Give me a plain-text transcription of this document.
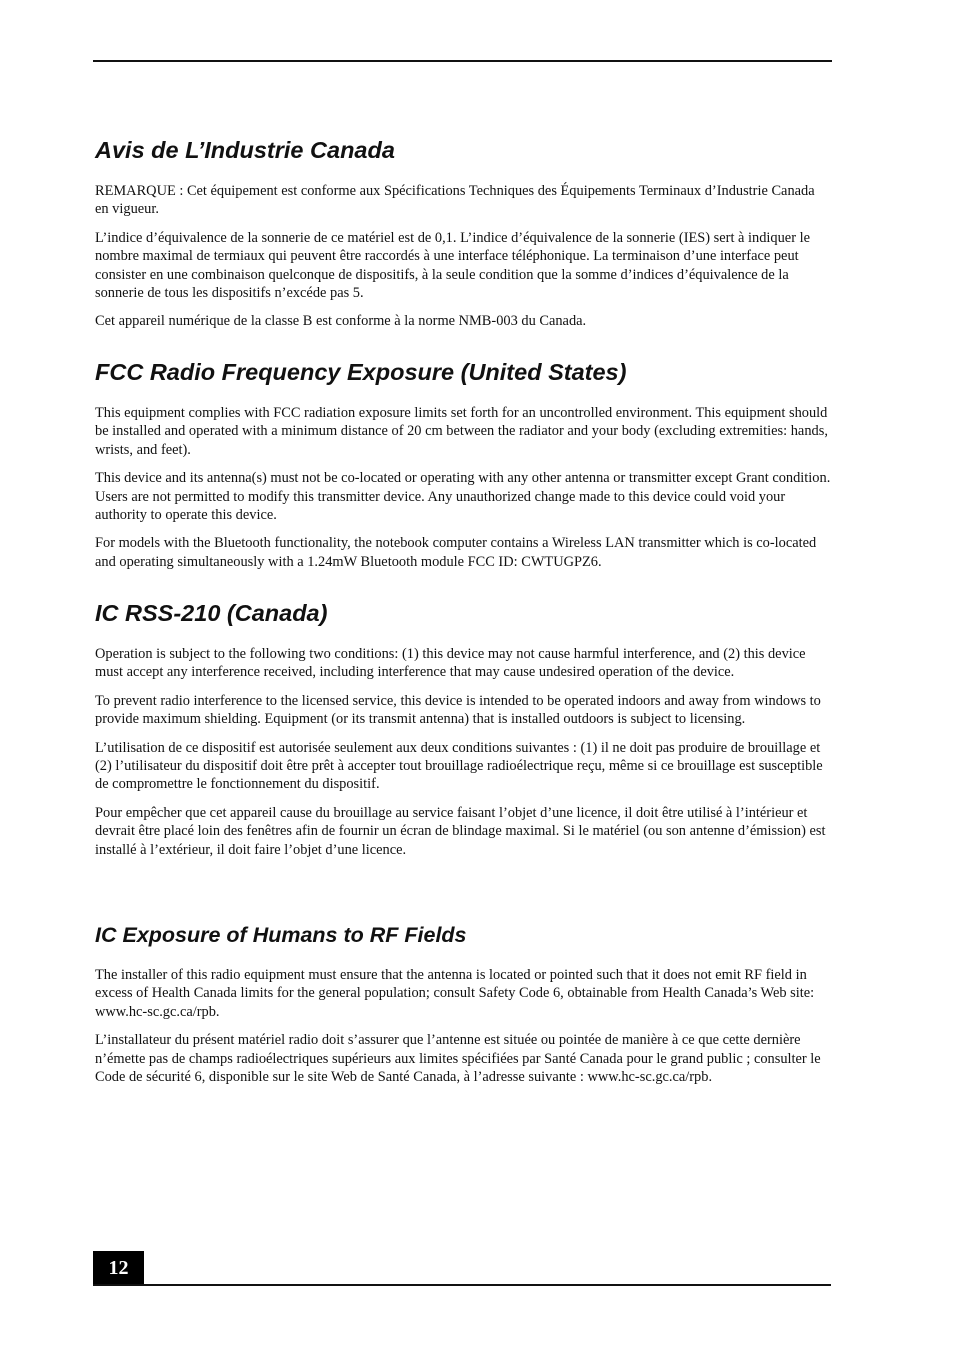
Avis de L’Industrie Canada

REMARQUE : Cet équipement est conforme aux Spécifications Techniques des Équipements Terminaux d’Industrie Canada en vigueur.

L’indice d’équivalence de la sonnerie de ce matériel est de 0,1. L’indice d’équivalence de la sonnerie (IES) sert à indiquer le nombre maximal de termiaux qui peuvent être raccordés à une interface téléphonique. La terminaison d’une interface peut consister en une combinaison quelconque de dispositifs, à la seule condition que la somme d’indices d’équivalence de la sonnerie de tous les dispositifs n’excéde pas 5.

Cet appareil numérique de la classe B est conforme à la norme NMB-003 du Canada.

FCC Radio Frequency Exposure (United States)

This equipment complies with FCC radiation exposure limits set forth for an uncontrolled environment. This equipment should be installed and operated with a minimum distance of 20 cm between the radiator and your body (excluding extremities: hands, wrists, and feet).

This device and its antenna(s) must not be co-located or operating with any other antenna or transmitter except Grant condition. Users are not permitted to modify this transmitter device. Any unauthorized change made to this device could void your authority to operate this device.

For models with the Bluetooth functionality, the notebook computer contains a Wireless LAN transmitter which is co-located and operating simultaneously with a 1.24mW Bluetooth module FCC ID: CWTUGPZ6.

IC RSS-210 (Canada)

Operation is subject to the following two conditions: (1) this device may not cause harmful interference, and (2) this device must accept any interference received, including interference that may cause undesired operation of the device.

To prevent radio interference to the licensed service, this device is intended to be operated indoors and away from windows to provide maximum shielding. Equipment (or its transmit antenna) that is installed outdoors is subject to licensing.

L’utilisation de ce dispositif est autorisée seulement aux deux conditions suivantes : (1) il ne doit pas produire de brouillage et (2) l’utilisateur du dispositif doit être prêt à accepter tout brouillage radioélectrique reçu, même si ce brouillage est susceptible de compromettre le fonctionnement du dispositif.

Pour empêcher que cet appareil cause du brouillage au service faisant l’objet d’une licence, il doit être utilisé à l’intérieur et devrait être placé loin des fenêtres afin de fournir un écran de blindage maximal. Si le matériel (ou son antenne d’émission) est installé à l’extérieur, il doit faire l’objet d’une licence.

IC Exposure of Humans to RF Fields

The installer of this radio equipment must ensure that the antenna is located or pointed such that it does not emit RF field in excess of Health Canada limits for the general population; consult Safety Code 6, obtainable from Health Canada’s Web site: www.hc-sc.gc.ca/rpb.

L’installateur du présent matériel radio doit s’assurer que l’antenne est située ou pointée de manière à ce que cette dernière n’émette pas de champs radioélectriques supérieurs aux limites spécifiées par Santé Canada pour le grand public ; consulter le Code de sécurité 6, disponible sur le site Web de Santé Canada, à l’adresse suivante : www.hc-sc.gc.ca/rpb.

12
